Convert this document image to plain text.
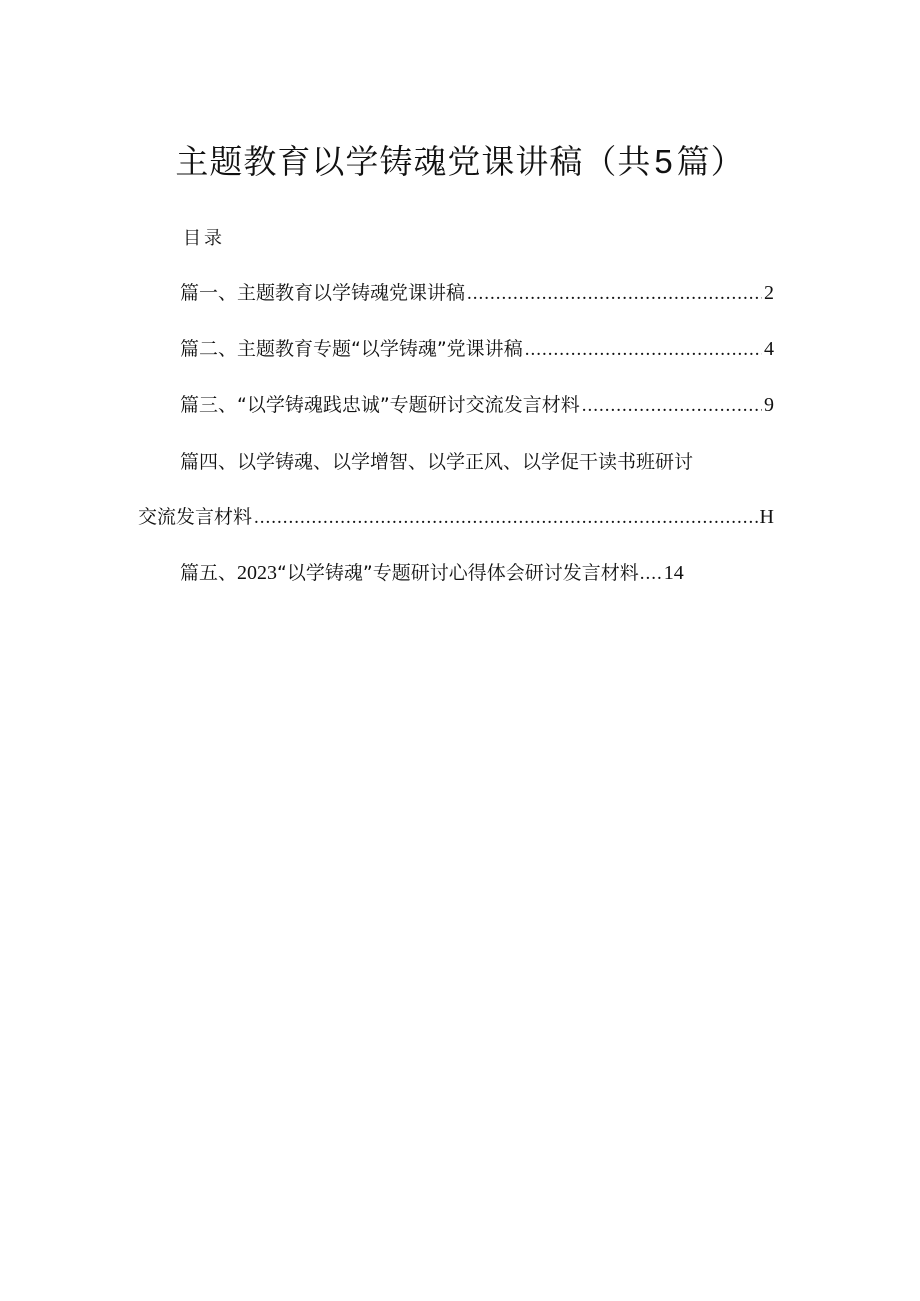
主题教育以学铸魂党课讲稿（共5篇）
目录
篇一、主题教育以学铸魂党课讲稿 .....	2
篇二、主题教育专题“以学铸魂”党课讲稿 .....	4
篇三、“以学铸魂践忠诚”专题研讨交流发言材料 .....	9
篇四、以学铸魂、以学增智、以学正风、以学促干读书班研讨
交流发言材料 .....	H
篇五、2023“以学铸魂”专题研讨心得体会研讨发言材料 .... 14
